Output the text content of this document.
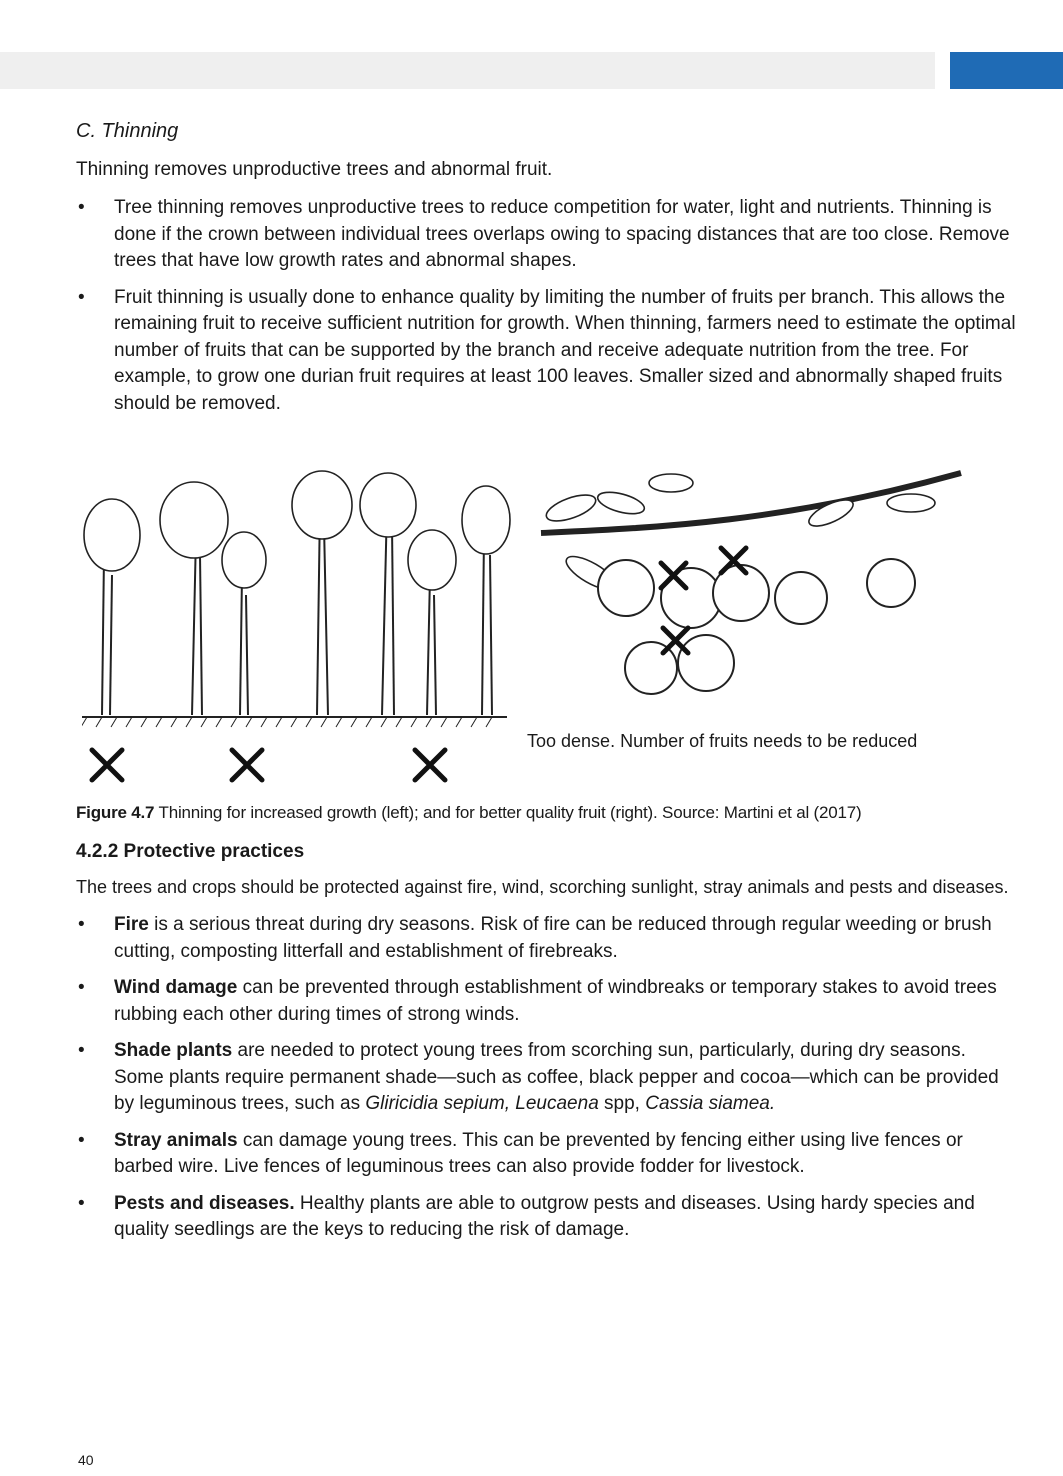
C. Thinning

Thinning removes unproductive trees and abnormal fruit.

• Tree thinning removes unproductive trees to reduce competition for water, light and nutrients. Thinning is done if the crown between individual trees overlaps owing to spacing distances that are too close. Remove trees that have low growth rates and abnormal shapes.
• Fruit thinning is usually done to enhance quality by limiting the number of fruits per branch. This allows the remaining fruit to receive sufficient nutrition for growth. When thinning, farmers need to estimate the optimal number of fruits that can be supported by the branch and receive adequate nutrition from the tree. For example, to grow one durian fruit requires at least 100 leaves. Smaller sized and abnormally shaped fruits should be removed.
Too dense. Number of fruits needs to be reduced

Figure 4.7 Thinning for increased growth (left); and for better quality fruit (right). Source: Martini et al (2017)

4.2.2 Protective practices

The trees and crops should be protected against fire, wind, scorching sunlight, stray animals and pests and diseases.

• Fire is a serious threat during dry seasons. Risk of fire can be reduced through regular weeding or brush cutting, composting litterfall and establishment of firebreaks.
• Wind damage can be prevented through establishment of windbreaks or temporary stakes to avoid trees rubbing each other during times of strong winds.
• Shade plants are needed to protect young trees from scorching sun, particularly, during dry seasons. Some plants require permanent shade—such as coffee, black pepper and cocoa—which can be provided by leguminous trees, such as Gliricidia sepium, Leucaena spp, Cassia siamea.
• Stray animals can damage young trees. This can be prevented by fencing either using live fences or barbed wire. Live fences of leguminous trees can also provide fodder for livestock.
• Pests and diseases. Healthy plants are able to outgrow pests and diseases. Using hardy species and quality seedlings are the keys to reducing the risk of damage.
40
